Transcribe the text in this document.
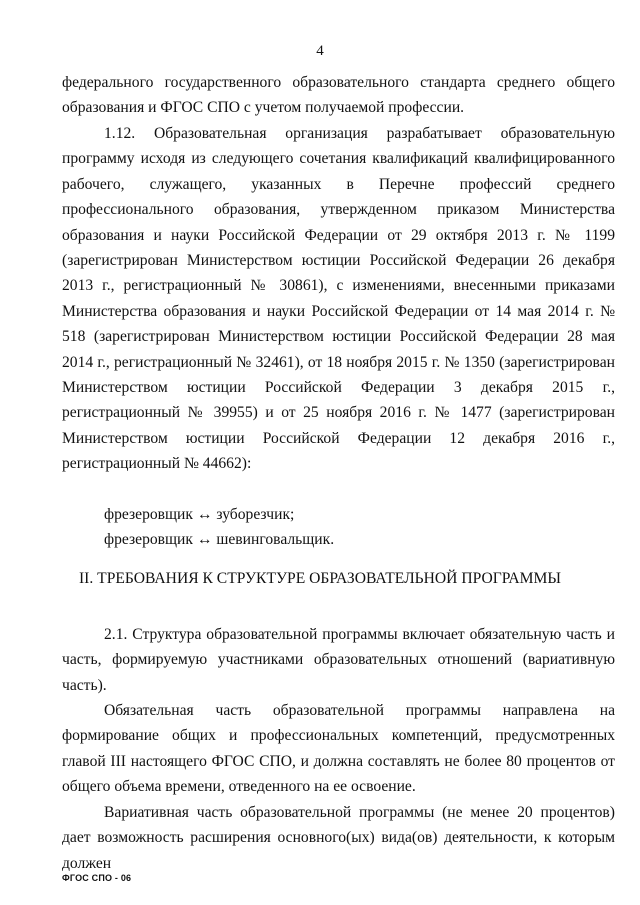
4

федерального государственного образовательного стандарта среднего общего образования и ФГОС СПО с учетом получаемой профессии.

1.12. Образовательная организация разрабатывает образовательную программу исходя из следующего сочетания квалификаций квалифицированного рабочего, служащего, указанных в Перечне профессий среднего профессионального образования, утвержденном приказом Министерства образования и науки Российской Федерации от 29 октября 2013 г. № 1199 (зарегистрирован Министерством юстиции Российской Федерации 26 декабря 2013 г., регистрационный № 30861), с изменениями, внесенными приказами Министерства образования и науки Российской Федерации от 14 мая 2014 г. № 518 (зарегистрирован Министерством юстиции Российской Федерации 28 мая 2014 г., регистрационный № 32461), от 18 ноября 2015 г. № 1350 (зарегистрирован Министерством юстиции Российской Федерации 3 декабря 2015 г., регистрационный № 39955) и от 25 ноября 2016 г. № 1477 (зарегистрирован Министерством юстиции Российской Федерации 12 декабря 2016 г., регистрационный № 44662):

фрезеровщик ↔ зуборезчик;

фрезеровщик ↔ шевинговальщик.

II. ТРЕБОВАНИЯ К СТРУКТУРЕ ОБРАЗОВАТЕЛЬНОЙ ПРОГРАММЫ

2.1. Структура образовательной программы включает обязательную часть и часть, формируемую участниками образовательных отношений (вариативную часть).

Обязательная часть образовательной программы направлена на формирование общих и профессиональных компетенций, предусмотренных главой III настоящего ФГОС СПО, и должна составлять не более 80 процентов от общего объема времени, отведенного на ее освоение.

Вариативная часть образовательной программы (не менее 20 процентов) дает возможность расширения основного(ых) вида(ов) деятельности, к которым должен

ФГОС СПО - 06
